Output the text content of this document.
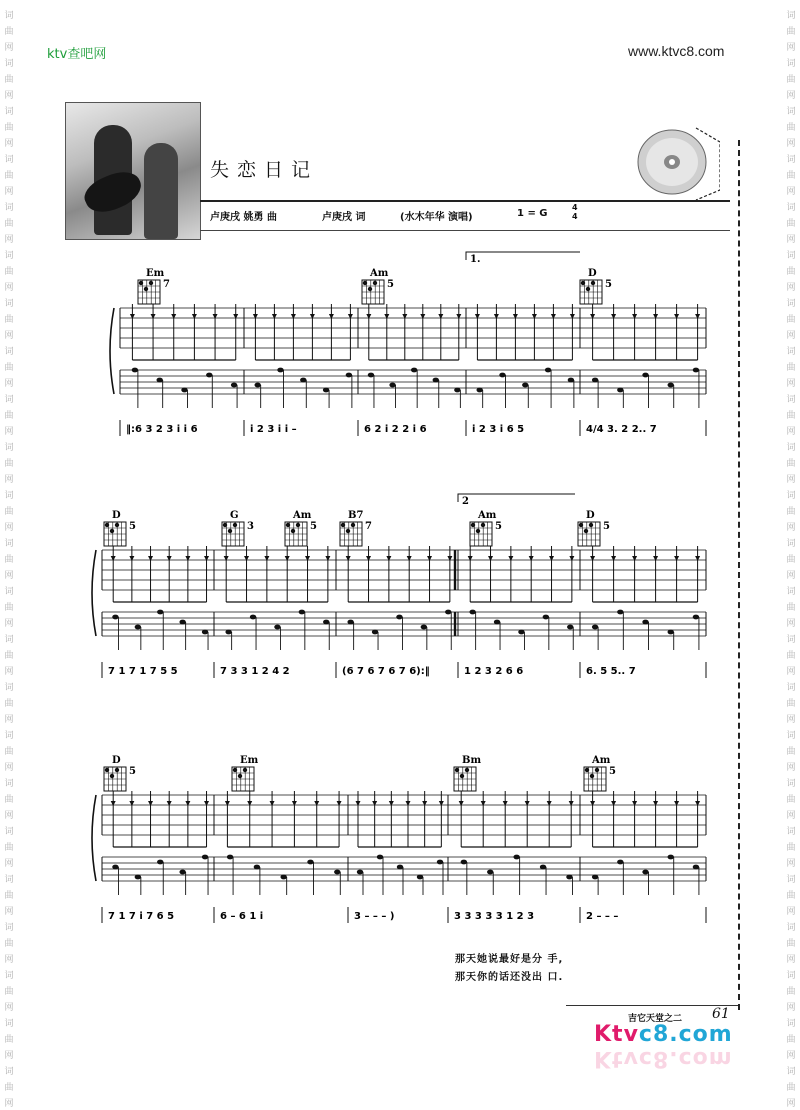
词
曲
网
词
曲
网
词
曲
网
词
曲
网
词
曲
网
词
曲
网
词
曲
网
词
曲
网
词
曲
网
词
曲
网
词
曲
网
词
曲
网
词
曲
网
词
曲
网
词
曲
网
词
曲
网
词
曲
网
词
曲
网
词
曲
网
词
曲
网
词
曲
网
词
曲
网
词
曲
网
词
曲
网
词
曲
网
词
曲
网
词
曲
网
词
曲
网
词
曲
网
词
曲
网
词
曲
网
词
曲
网
词
曲
网
词
曲
网
词
曲
网
词
曲
网
词
曲
网
词
曲
网
词
曲
网
词
曲
网
词
曲
网
词
曲
网
词
曲
网
词
曲
网
词
曲
网
词
曲
网
ktv查吧网	www.ktvc8.com
失恋日记
卢庚戌 姚勇 曲	卢庚戌 词	(水木年华 演唱)	1 = G
4
4
Em
7
Am
5
D
5
1.
‖:6 3 2 3 i i 6	i 2 3 i i –	6 2 i 2 2 i 6	i 2 3 i 6 5	4/4 3. 2 2.. 7
D
5
G
3
Am
5
B7
7
Am
5
D
5
2
7 1 7 1 7 5 5	7 3 3 1 2 4 2	(6 7 6 7 6 7 6):‖	1 2 3 2 6 6	6. 5 5.. 7
D
5
Em	Bm	Am
5
7 1 7 i 7 6 5	6 – 6 1 i	3 – – – )	3 3 3 3 3 1 2 3	2 – – –
那天她说最好是分 手,
那天你的话还没出 口.
吉它天堂之二 61
Ktvc8.com
Ktvc8.com
